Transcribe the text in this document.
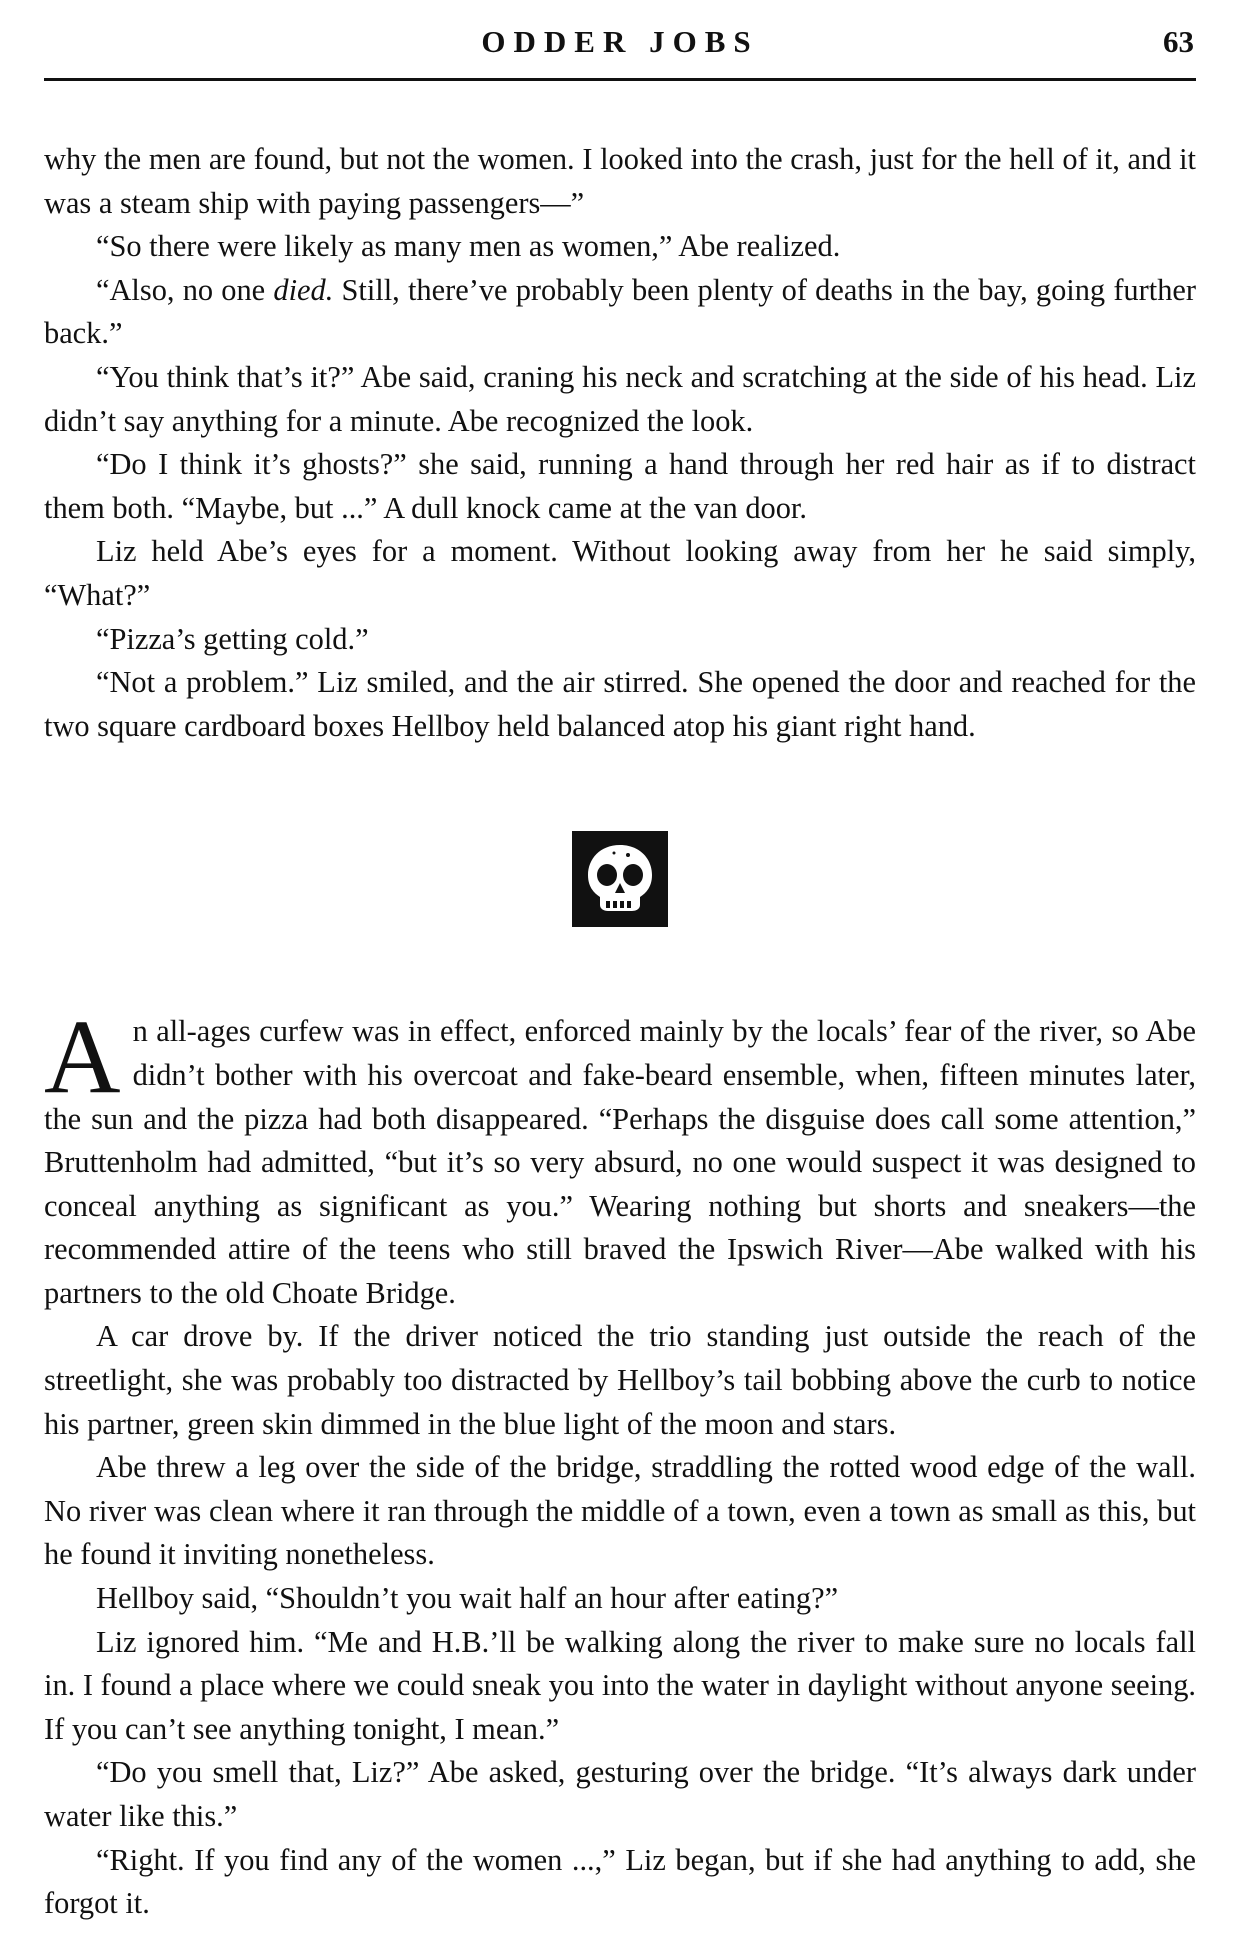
ODDER JOBS	63

why the men are found, but not the women. I looked into the crash, just for the hell of it, and it was a steam ship with paying passengers—”

“So there were likely as many men as women,” Abe realized.

“Also, no one died. Still, there’ve probably been plenty of deaths in the bay, going further back.”

“You think that’s it?” Abe said, craning his neck and scratching at the side of his head. Liz didn’t say anything for a minute. Abe recognized the look.

“Do I think it’s ghosts?” she said, running a hand through her red hair as if to distract them both. “Maybe, but ...” A dull knock came at the van door.

Liz held Abe’s eyes for a moment. Without looking away from her he said simply, “What?”

“Pizza’s getting cold.”

“Not a problem.” Liz smiled, and the air stirred. She opened the door and reached for the two square cardboard boxes Hellboy held balanced atop his giant right hand.

An all-ages curfew was in effect, enforced mainly by the locals’ fear of the river, so Abe didn’t bother with his overcoat and fake-beard ensemble, when, fifteen minutes later, the sun and the pizza had both disappeared. “Perhaps the disguise does call some attention,” Bruttenholm had admitted, “but it’s so very absurd, no one would suspect it was designed to conceal anything as significant as you.” Wearing nothing but shorts and sneakers—the recommended attire of the teens who still braved the Ipswich River—Abe walked with his partners to the old Choate Bridge.

A car drove by. If the driver noticed the trio standing just outside the reach of the streetlight, she was probably too distracted by Hellboy’s tail bobbing above the curb to notice his partner, green skin dimmed in the blue light of the moon and stars.

Abe threw a leg over the side of the bridge, straddling the rotted wood edge of the wall. No river was clean where it ran through the middle of a town, even a town as small as this, but he found it inviting nonetheless.

Hellboy said, “Shouldn’t you wait half an hour after eating?”

Liz ignored him. “Me and H.B.’ll be walking along the river to make sure no locals fall in. I found a place where we could sneak you into the water in daylight without anyone seeing. If you can’t see anything tonight, I mean.”

“Do you smell that, Liz?” Abe asked, gesturing over the bridge. “It’s always dark under water like this.”

“Right. If you find any of the women ...,” Liz began, but if she had anything to add, she forgot it.
